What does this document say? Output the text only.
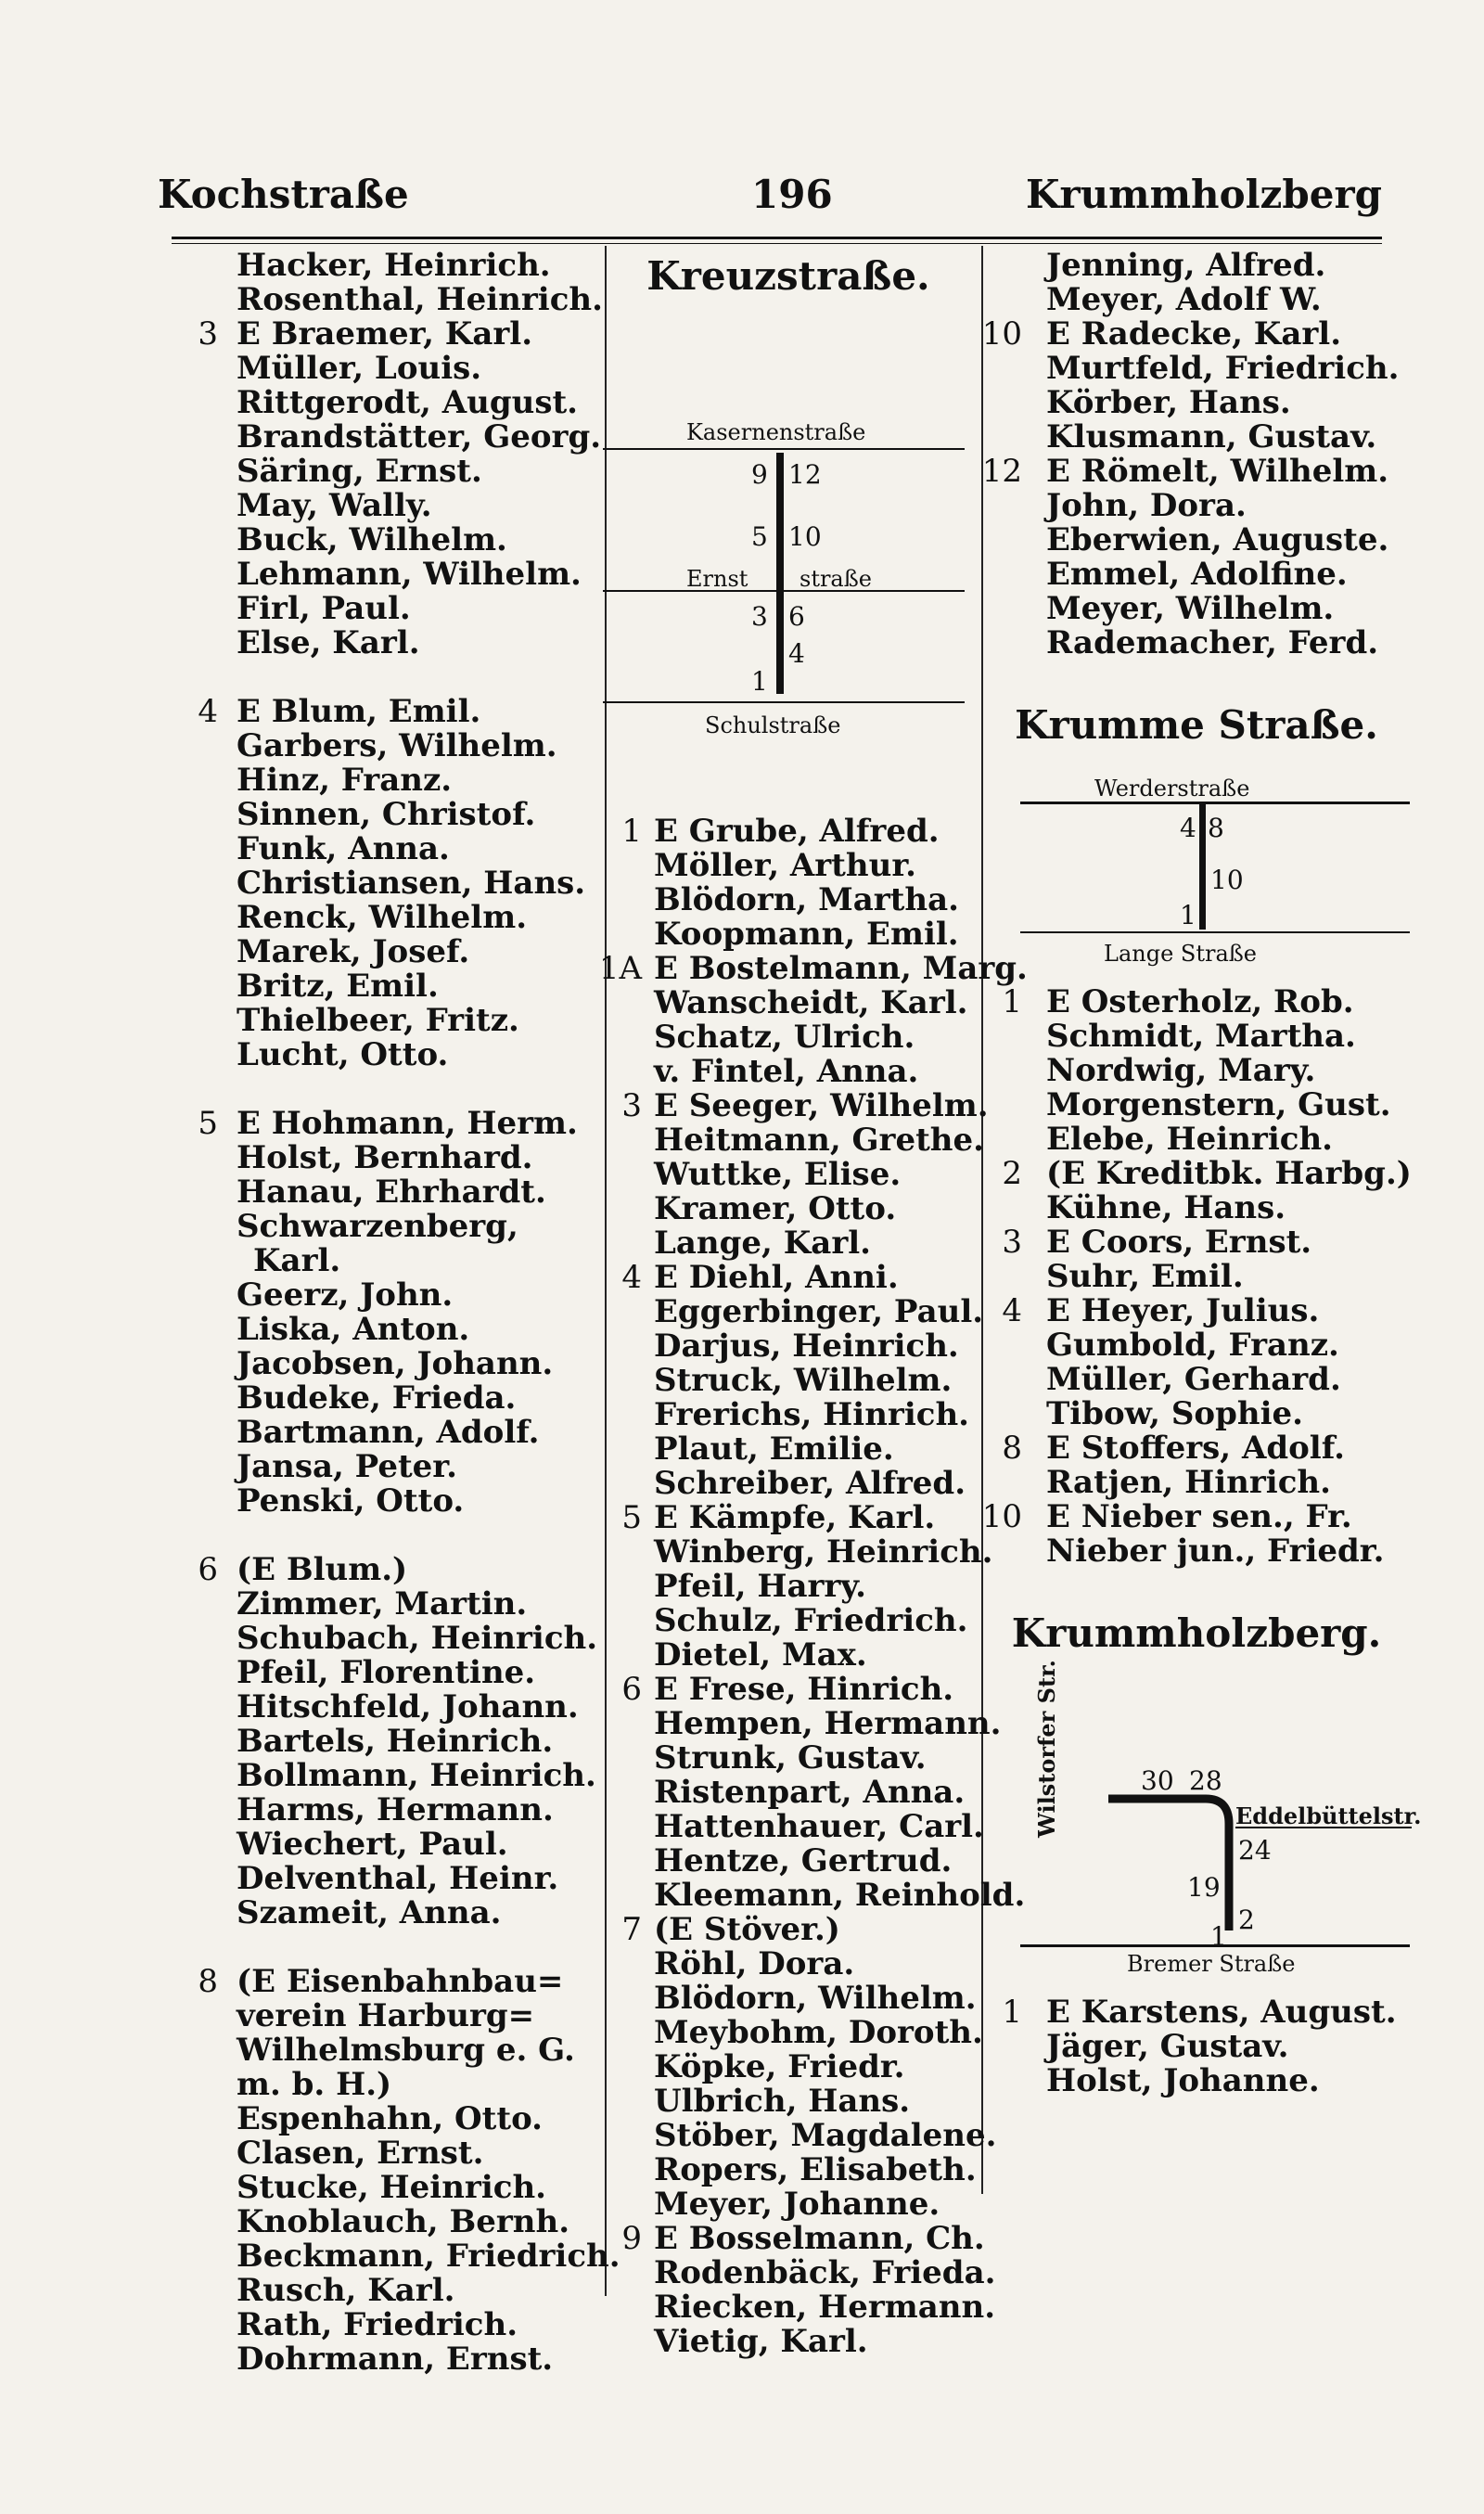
Kochstraße	196	Krummholzberg
Hacker, Heinrich.
Rosenthal, Heinrich.
3 E Braemer, Karl.
Müller, Louis.
Rittgerodt, August.
Brandstätter, Georg.
Säring, Ernst.
May, Wally.
Buck, Wilhelm.
Lehmann, Wilhelm.
Firl, Paul.
Else, Karl.
4 E Blum, Emil.
Garbers, Wilhelm.
Hinz, Franz.
Sinnen, Christof.
Funk, Anna.
Christiansen, Hans.
Renck, Wilhelm.
Marek, Josef.
Britz, Emil.
Thielbeer, Fritz.
Lucht, Otto.
5 E Hohmann, Herm.
Holst, Bernhard.
Hanau, Ehrhardt.
Schwarzenberg,
Karl.
Geerz, John.
Liska, Anton.
Jacobsen, Johann.
Budeke, Frieda.
Bartmann, Adolf.
Jansa, Peter.
Penski, Otto.
6 (E Blum.)
Zimmer, Martin.
Schubach, Heinrich.
Pfeil, Florentine.
Hitschfeld, Johann.
Bartels, Heinrich.
Bollmann, Heinrich.
Harms, Hermann.
Wiechert, Paul.
Delventhal, Heinr.
Szameit, Anna.
8 (E Eisenbahnbau=
verein Harburg=
Wilhelmsburg e. G.
m. b. H.)
Espenhahn, Otto.
Clasen, Ernst.
Stucke, Heinrich.
Knoblauch, Bernh.
Beckmann, Friedrich.
Rusch, Karl.
Rath, Friedrich.
Dohrmann, Ernst.
Kreuzstraße.
Kasernenstraße
9 12
5 10
Ernst straße
3 6
4
1
Schulstraße
1 E Grube, Alfred.
Möller, Arthur.
Blödorn, Martha.
Koopmann, Emil.
1A E Bostelmann, Marg.
Wanscheidt, Karl.
Schatz, Ulrich.
v. Fintel, Anna.
3 E Seeger, Wilhelm.
Heitmann, Grethe.
Wuttke, Elise.
Kramer, Otto.
Lange, Karl.
4 E Diehl, Anni.
Eggerbinger, Paul.
Darjus, Heinrich.
Struck, Wilhelm.
Frerichs, Hinrich.
Plaut, Emilie.
Schreiber, Alfred.
5 E Kämpfe, Karl.
Winberg, Heinrich.
Pfeil, Harry.
Schulz, Friedrich.
Dietel, Max.
6 E Frese, Hinrich.
Hempen, Hermann.
Strunk, Gustav.
Ristenpart, Anna.
Hattenhauer, Carl.
Hentze, Gertrud.
Kleemann, Reinhold.
7 (E Stöver.)
Röhl, Dora.
Blödorn, Wilhelm.
Meybohm, Doroth.
Köpke, Friedr.
Ulbrich, Hans.
Stöber, Magdalene.
Ropers, Elisabeth.
Meyer, Johanne.
9 E Bosselmann, Ch.
Rodenbäck, Frieda.
Riecken, Hermann.
Vietig, Karl.
Jenning, Alfred.
Meyer, Adolf W.
10 E Radecke, Karl.
Murtfeld, Friedrich.
Körber, Hans.
Klusmann, Gustav.
12 E Römelt, Wilhelm.
John, Dora.
Eberwien, Auguste.
Emmel, Adolfine.
Meyer, Wilhelm.
Rademacher, Ferd.
Krumme Straße.
Werderstraße
4 8
10
1
Lange Straße
1 E Osterholz, Rob.
Schmidt, Martha.
Nordwig, Mary.
Morgenstern, Gust.
Elebe, Heinrich.
2 (E Kreditbk. Harbg.)
Kühne, Hans.
3 E Coors, Ernst.
Suhr, Emil.
4 E Heyer, Julius.
Gumbold, Franz.
Müller, Gerhard.
Tibow, Sophie.
8 E Stoffers, Adolf.
Ratjen, Hinrich.
10 E Nieber sen., Fr.
Nieber jun., Friedr.
Krummholzberg.
Wilstorfer Str.	30 28
Eddelbüttelstr.
24
19
2
1
Bremer Straße
1 E Karstens, August.
Jäger, Gustav.
Holst, Johanne.
